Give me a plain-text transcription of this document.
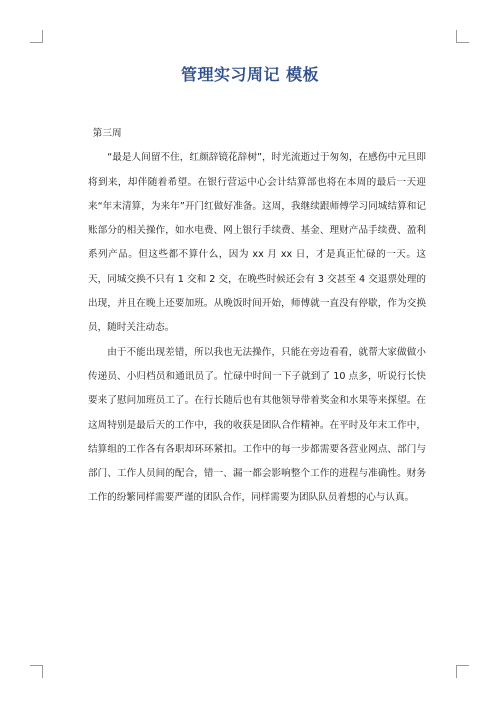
管理实习周记 模板

第三周

“最是人间留不住，红颜辞镜花辞树”，时光流逝过于匆匆，在感伤中元旦即将到来，却伴随着希望。在银行营运中心会计结算部也将在本周的最后一天迎来“年末清算，为来年”开门红做好准备。这周，我继续跟师傅学习同城结算和记账部分的相关操作，如水电费、网上银行手续费、基金、理财产品手续费、盈利系列产品。但这些都不算什么，因为 xx 月 xx 日，才是真正忙碌的一天。这天，同城交换不只有 1 交和 2 交，在晚些时候还会有 3 交甚至 4 交退票处理的出现，并且在晚上还要加班。从晚饭时间开始，师傅就一直没有停歇，作为交换员，随时关注动态。

由于不能出现差错，所以我也无法操作，只能在旁边看看，就帮大家做做小传递员、小归档员和通讯员了。忙碌中时间一下子就到了 10 点多，听说行长快要来了慰问加班员工了。在行长随后也有其他领导带着奖金和水果等来探望。在这周特别是最后天的工作中，我的收获是团队合作精神。在平时及年末工作中，结算组的工作各有各职却环环紧扣。工作中的每一步都需要各营业网点、部门与部门、工作人员间的配合，错一、漏一都会影响整个工作的进程与准确性。财务工作的纷繁同样需要严谨的团队合作，同样需要为团队队员着想的心与认真。
